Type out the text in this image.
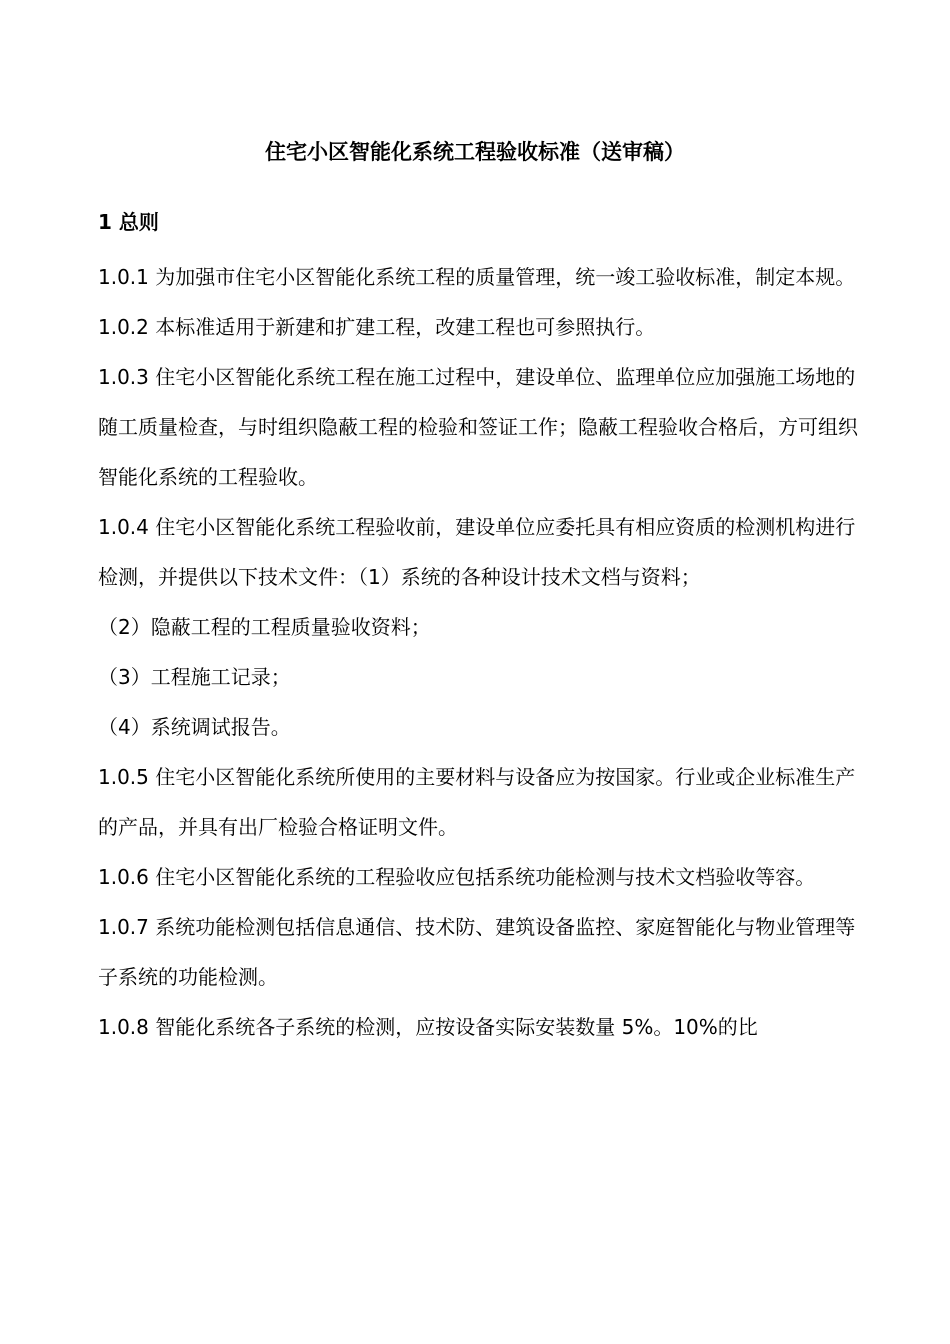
住宅小区智能化系统工程验收标准（送审稿）
1 总则

1.0.1 为加强市住宅小区智能化系统工程的质量管理，统一竣工验收标准，制定本规。

1.0.2 本标准适用于新建和扩建工程，改建工程也可参照执行。

1.0.3 住宅小区智能化系统工程在施工过程中，建设单位、监理单位应加强施工场地的随工质量检查，与时组织隐蔽工程的检验和签证工作；隐蔽工程验收合格后，方可组织智能化系统的工程验收。

1.0.4 住宅小区智能化系统工程验收前，建设单位应委托具有相应资质的检测机构进行检测，并提供以下技术文件：（1）系统的各种设计技术文档与资料；

（2）隐蔽工程的工程质量验收资料；

（3）工程施工记录；

（4）系统调试报告。

1.0.5 住宅小区智能化系统所使用的主要材料与设备应为按国家。行业或企业标准生产的产品，并具有出厂检验合格证明文件。

1.0.6 住宅小区智能化系统的工程验收应包括系统功能检测与技术文档验收等容。

1.0.7 系统功能检测包括信息通信、技术防、建筑设备监控、家庭智能化与物业管理等子系统的功能检测。

1.0.8 智能化系统各子系统的检测，应按设备实际安装数量 5%。10%的比
